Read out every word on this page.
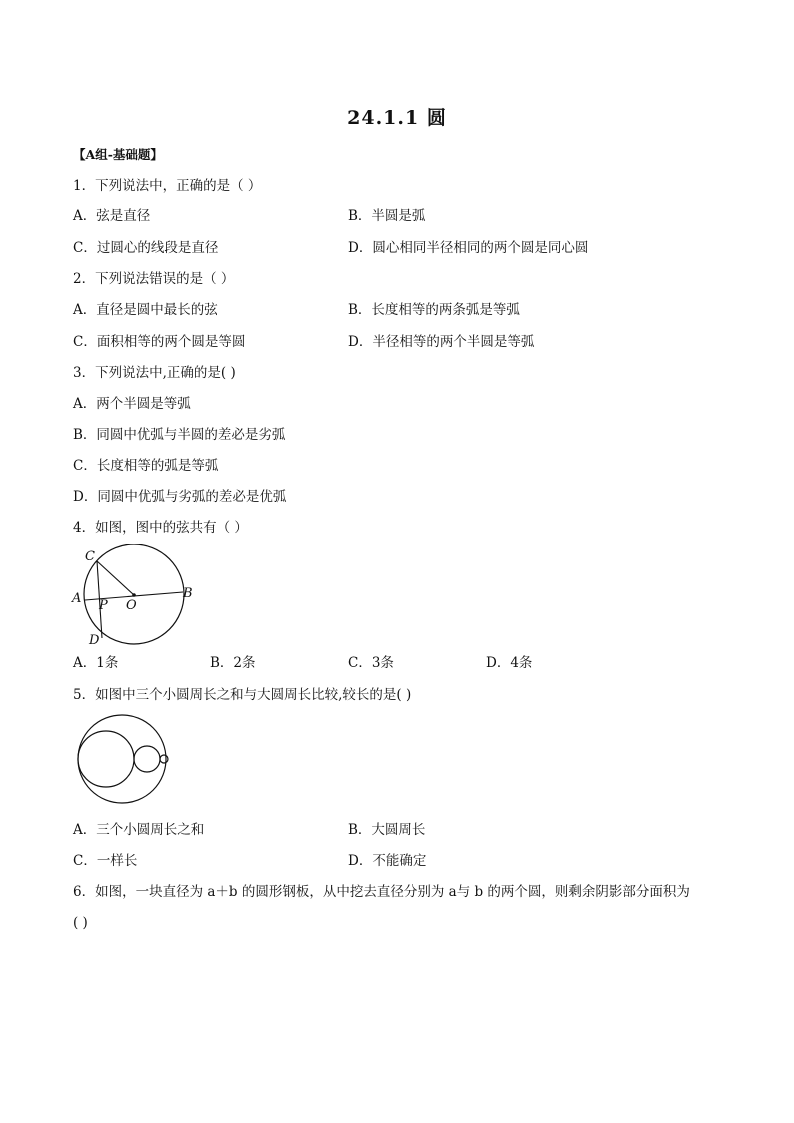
24.1.1 圆
【A组-基础题】
1．下列说法中，正确的是（ ）
A．弦是直径	B．半圆是弧
C．过圆心的线段是直径	D．圆心相同半径相同的两个圆是同心圆
2．下列说法错误的是（ ）
A．直径是圆中最长的弦	B．长度相等的两条弧是等弧
C．面积相等的两个圆是等圆	D．半径相等的两个半圆是等弧
3．下列说法中,正确的是( )
A．两个半圆是等弧
B．同圆中优弧与半圆的差必是劣弧
C．长度相等的弧是等弧
D．同圆中优弧与劣弧的差必是优弧
4．如图，图中的弦共有（ ）
C
A P O
B
D
A．1条	B．2条	C．3条	D．4条
5．如图中三个小圆周长之和与大圆周长比较,较长的是( )
A．三个小圆周长之和	B．大圆周长
C．一样长	D．不能确定
6．如图，一块直径为 a＋b 的圆形钢板，从中挖去直径分别为 a与 b 的两个圆，则剩余阴影部分面积为
( )
